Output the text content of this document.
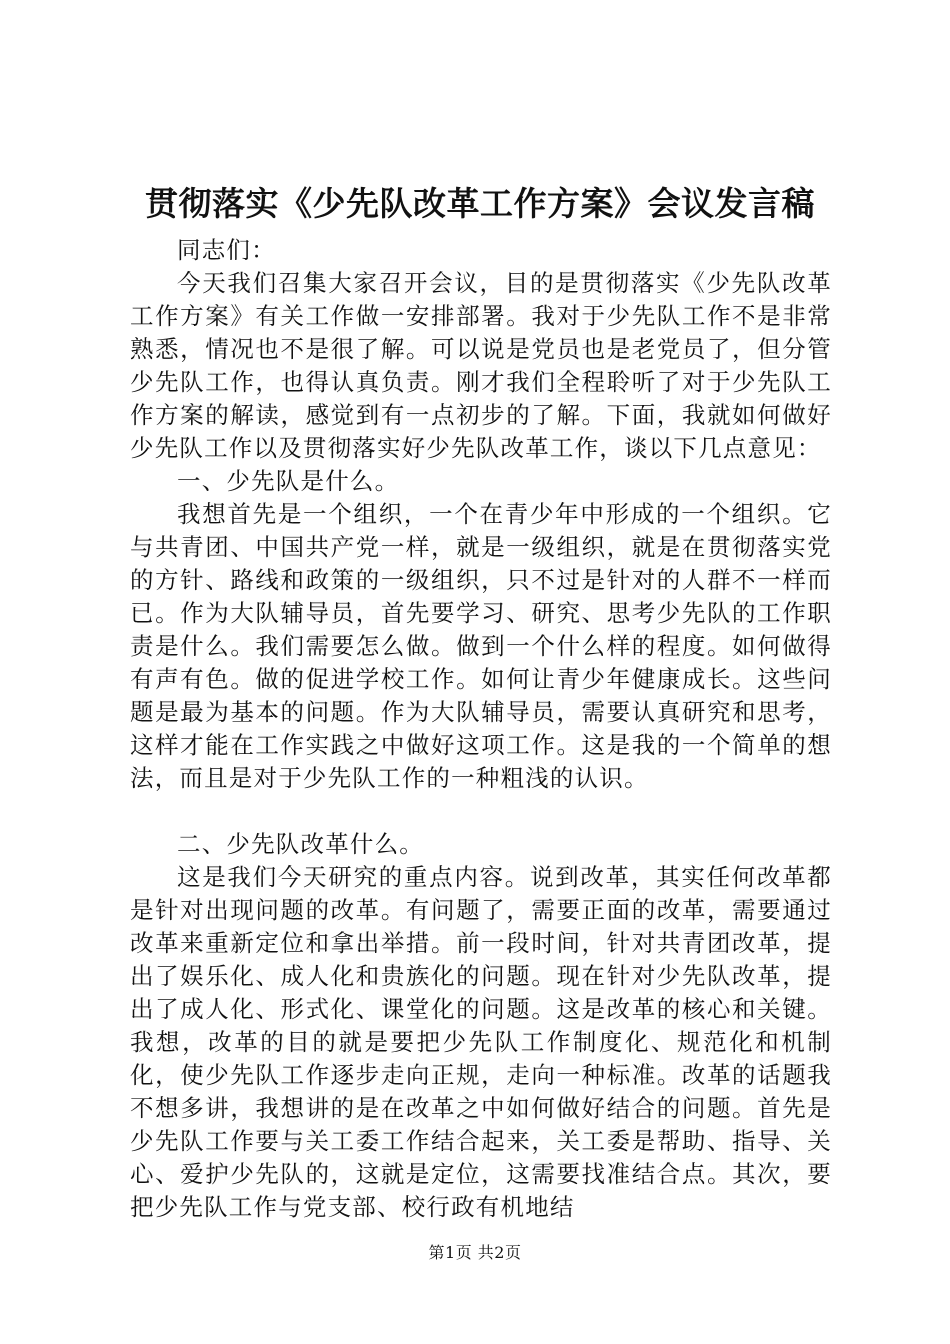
贯彻落实《少先队改革工作方案》会议发言稿

同志们：

今天我们召集大家召开会议，目的是贯彻落实《少先队改革工作方案》有关工作做一安排部署。我对于少先队工作不是非常熟悉，情况也不是很了解。可以说是党员也是老党员了，但分管少先队工作，也得认真负责。刚才我们全程聆听了对于少先队工作方案的解读，感觉到有一点初步的了解。下面，我就如何做好少先队工作以及贯彻落实好少先队改革工作，谈以下几点意见：

一、少先队是什么。

我想首先是一个组织，一个在青少年中形成的一个组织。它与共青团、中国共产党一样，就是一级组织，就是在贯彻落实党的方针、路线和政策的一级组织，只不过是针对的人群不一样而已。作为大队辅导员，首先要学习、研究、思考少先队的工作职责是什么。我们需要怎么做。做到一个什么样的程度。如何做得有声有色。做的促进学校工作。如何让青少年健康成长。这些问题是最为基本的问题。作为大队辅导员，需要认真研究和思考，这样才能在工作实践之中做好这项工作。这是我的一个简单的想法，而且是对于少先队工作的一种粗浅的认识。

二、少先队改革什么。

这是我们今天研究的重点内容。说到改革，其实任何改革都是针对出现问题的改革。有问题了，需要正面的改革，需要通过改革来重新定位和拿出举措。前一段时间，针对共青团改革，提出了娱乐化、成人化和贵族化的问题。现在针对少先队改革，提出了成人化、形式化、课堂化的问题。这是改革的核心和关键。我想，改革的目的就是要把少先队工作制度化、规范化和机制化，使少先队工作逐步走向正规，走向一种标准。改革的话题我不想多讲，我想讲的是在改革之中如何做好结合的问题。首先是少先队工作要与关工委工作结合起来，关工委是帮助、指导、关心、爱护少先队的，这就是定位，这需要找准结合点。其次，要把少先队工作与党支部、校行政有机地结

第1页 共2页
